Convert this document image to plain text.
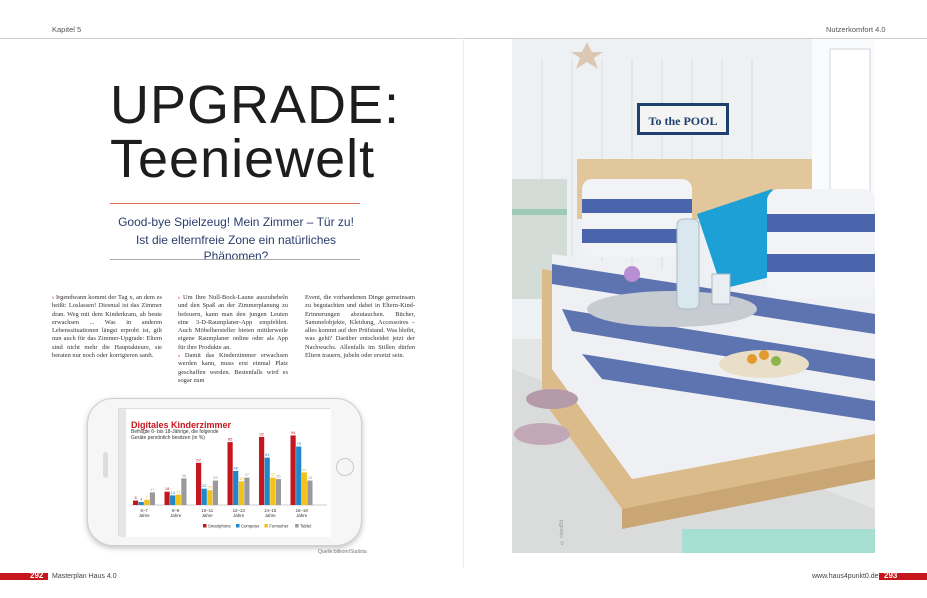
Kapitel 5	Nutzerkomfort 4.0
UPGRADE:
Teeniewelt
Good-bye Spielzeug! Mein Zimmer – Tür zu!
Ist die elternfreie Zone ein natürliches Phänomen?

› Irgendwann kommt der Tag x, an dem es heißt: Loslassen! Diesmal ist das Zimmer dran. Weg mit dem Kinderkram, ab heute erwachsen ... Was in anderen Lebenssituationen längst erprobt ist, gilt nun auch für das Zimmer-Upgrade: Eltern sind nicht mehr die Hauptakteure, sie beraten nur noch oder korrigieren sanft.

› Um Ihre Null-Bock-Laune auszuhebeln und den Spaß an der Zimmerplanung zu befeuern, kann man den jungen Leuten eine 3-D-Raumplaner-App empfehlen. Auch Möbelhersteller bieten mittlerweile eigene Raumplaner online oder als App für ihre Produkte an.

› Damit das Kinderzimmer erwachsen werden kann, muss erst einmal Platz geschaffen werden. Bestenfalls wird es sogar zum

Event, die vorhandenen Dinge gemeinsam zu begutachten und dabei in Eltern-Kind-Erinnerungen abzutauchen. Bücher, Sammelobjekte, Kleidung, Accessoires – alles kommt auf den Prüfstand. Was bleibt, was geht? Darüber entscheidet jetzt der Nachwuchs. Allenfalls im Stillen dürfen Eltern trauern, jubeln oder ersetzt sein.

Digitales Kinderzimmer
Befragte 6- bis 18-Jährige, die folgende Geräte persönlich besitzen (in %)
6 4 7
17
6–7
Jahre
18
13 14
36
8–9
Jahre
57
22 20
33
10–11
Jahre
85
46
32
37
12–13
Jahre
92
64
37 35
14–15
Jahre
94
79
44
33
16–18
Jahre
Smartphone Computer Fernseher	Tablet
Quelle:bitkom/Statista
To the POOL
© ctavaBit
292 Masterplan Haus 4.0	www.haus4punkt0.de 293
